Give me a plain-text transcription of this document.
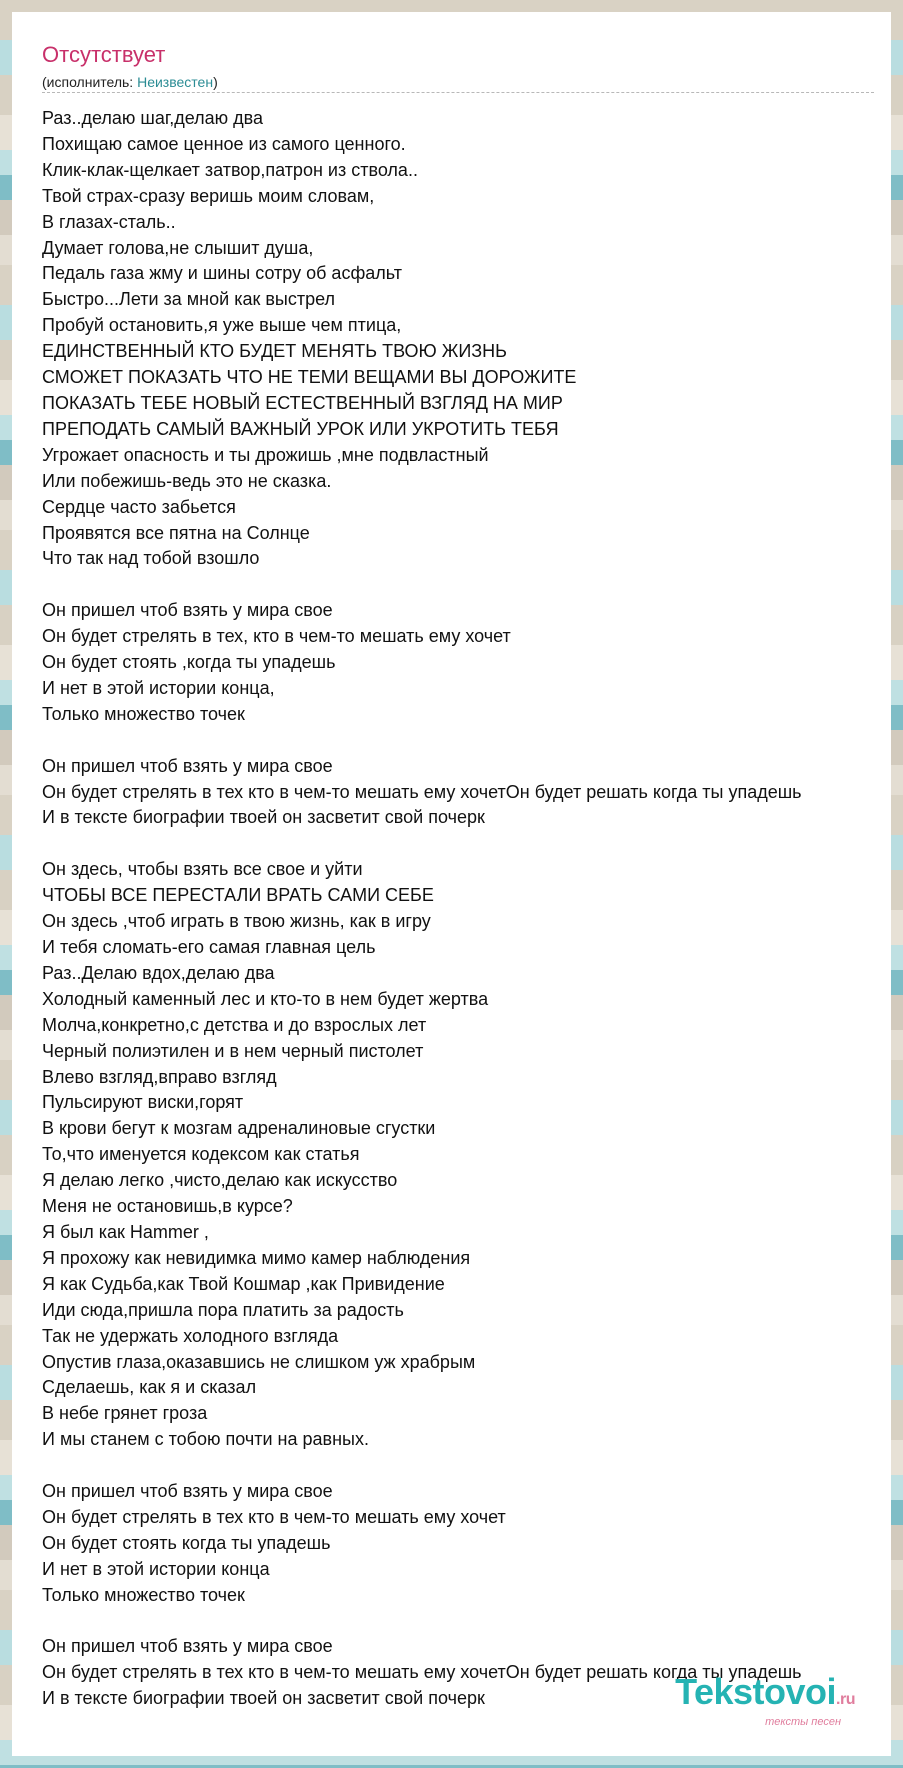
Отсутствует
(исполнитель: Неизвестен)
Раз..делаю шаг,делаю два
Похищаю самое ценное из самого ценного.
Клик-клак-щелкает затвор,патрон из ствола..
Твой страх-сразу веришь моим словам,
В глазах-сталь..
Думает голова,не слышит душа,
Педаль газа жму и шины сотру об асфальт
Быстро...Лети за мной как выстрел
Пробуй остановить,я уже выше чем птица,
ЕДИНСТВЕННЫЙ КТО БУДЕТ МЕНЯТЬ ТВОЮ ЖИЗНЬ
СМОЖЕТ ПОКАЗАТЬ ЧТО НЕ ТЕМИ ВЕЩАМИ ВЫ ДОРОЖИТЕ
ПОКАЗАТЬ ТЕБЕ НОВЫЙ ЕСТЕСТВЕННЫЙ ВЗГЛЯД НА МИР
ПРЕПОДАТЬ САМЫЙ ВАЖНЫЙ УРОК ИЛИ УКРОТИТЬ ТЕБЯ
Угрожает опасность и ты дрожишь ,мне подвластный
Или побежишь-ведь это не сказка.
Сердце часто забьется
Проявятся все пятна на Солнце
Что так над тобой взошло

Он пришел чтоб взять у мира свое
Он будет стрелять в тех, кто в чем-то мешать ему хочет
Он будет стоять ,когда ты упадешь
И нет в этой истории конца,
Только множество точек

Он пришел чтоб взять у мира свое
Он будет стрелять в тех кто в чем-то мешать ему хочетОн будет решать когда ты упадешь
И в тексте биографии твоей он засветит свой почерк

Он здесь, чтобы взять все свое и уйти
ЧТОБЫ ВСЕ ПЕРЕСТАЛИ ВРАТЬ САМИ СЕБЕ
Он здесь ,чтоб играть в твою жизнь, как в игру
И тебя сломать-его самая главная цель
Раз..Делаю вдох,делаю два
Холодный каменный лес и кто-то в нем будет жертва
Молча,конкретно,с детства и до взрослых лет
Черный полиэтилен и в нем черный пистолет
Влево взгляд,вправо взгляд
Пульсируют виски,горят
В крови бегут к мозгам адреналиновые сгустки
То,что именуется кодексом как статья
Я делаю легко ,чисто,делаю как искусство
Меня не остановишь,в курсе?
Я был как Hammer ,
Я прохожу как невидимка мимо камер наблюдения
Я как Судьба,как Твой Кошмар ,как Привидение
Иди сюда,пришла пора платить за радость
Так не удержать холодного взгляда
Опустив глаза,оказавшись не слишком уж храбрым
Сделаешь, как я и сказал
В небе грянет гроза
И мы станем с тобою почти на равных.

Он пришел чтоб взять у мира свое
Он будет стрелять в тех кто в чем-то мешать ему хочет
Он будет стоять когда ты упадешь
И нет в этой истории конца
Только множество точек

Он пришел чтоб взять у мира свое
Он будет стрелять в тех кто в чем-то мешать ему хочетОн будет решать когда ты упадешь
И в тексте биографии твоей он засветит свой почерк	Tekstovoi.ru
тексты песен
